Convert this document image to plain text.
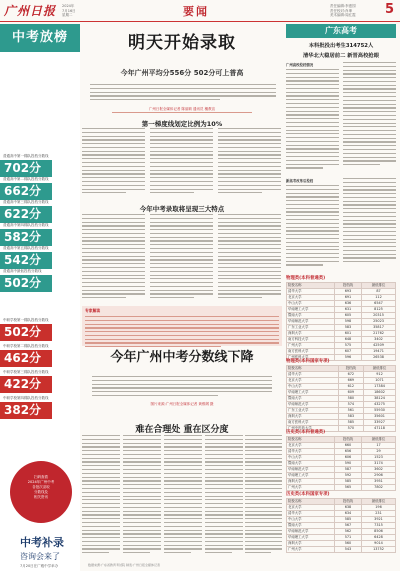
广州日报 2024年
7月16日
星期二	要闻	责任编辑:李惠园
责任校对:肖坤
美术编辑:周红霞	5
中考放榜
普通高中第一梯队投档分数线
702分
普通高中第二梯队投档分数线
662分
普通高中第三梯队投档分数线
622分
普通高中第四梯队投档分数线
582分
普通高中第五梯队投档分数线
542分
普通高中最低投档分数线
502分
中职学校第一梯队投档分数线
502分
中职学校第二梯队投档分数线
462分
中职学校第三梯队投档分数线
422分
中职学校第四梯队投档分数线
382分
扫码查看
2024年广州中考
各批次录取
分数线及
相关资讯
中考补录
咨询会来了
7月20日在广雅中学举办
明天开始录取
今年广州平均分556分 502分可上普高
广州日报全媒体记者 陈丽莉 通讯员 穗教宣
第一梯度线划定比例为10%
今年中考录取将呈现三大特点
专家解读
今年广州中考分数线下降
图片来源:广州日报全媒体记者 黄维纲 摄
难在合理处 重在区分度
广东高考
本科批投出考生314752人
清华北大稳居前二 新晋高校抢眼
广州高校投档情况
新高考改革后投档
物理类(本科普通类)
院校名称	投档线	最低排位
清华大学	693	87
北京大学	691	112
中山大学	636	6547
华南理工大学	631	8125
暨南大学	605	20315
华南师范大学	598	25023
广东工业大学	583	35817
深圳大学	601	21762
南方科技大学	648	3402
广州大学	575	42509
南方医科大学	607	19471
广州医科大学	596	26538
物理类(本科国家专项)
院校名称	投档线	最低排位
清华大学	672	912
北京大学	669	1071
中山大学	612	17384
华南理工大学	609	18602
暨南大学	580	38124
华南师范大学	574	43275
广东工业大学	561	55930
深圳大学	583	35601
南方医科大学	585	33927
广州中医药大学	570	47118
历史类(本科普通类)
院校名称	投档线	最低排位
北京大学	660	17
清华大学	656	29
中山大学	606	1523
暨南大学	590	3174
华南师范大学	587	3602
华南理工大学	592	2906
深圳大学	585	3951
广州大学	565	7802
历史类(本科国家专项)
院校名称	投档线	最低排位
北京大学	638	196
清华大学	634	231
中山大学	585	3921
暨南大学	567	7315
华南师范大学	562	8506
华南理工大学	571	6428
深圳大学	560	9014
广州大学	543	13752
数据来源:广东省教育考试院 制表:广州日报全媒体记者
